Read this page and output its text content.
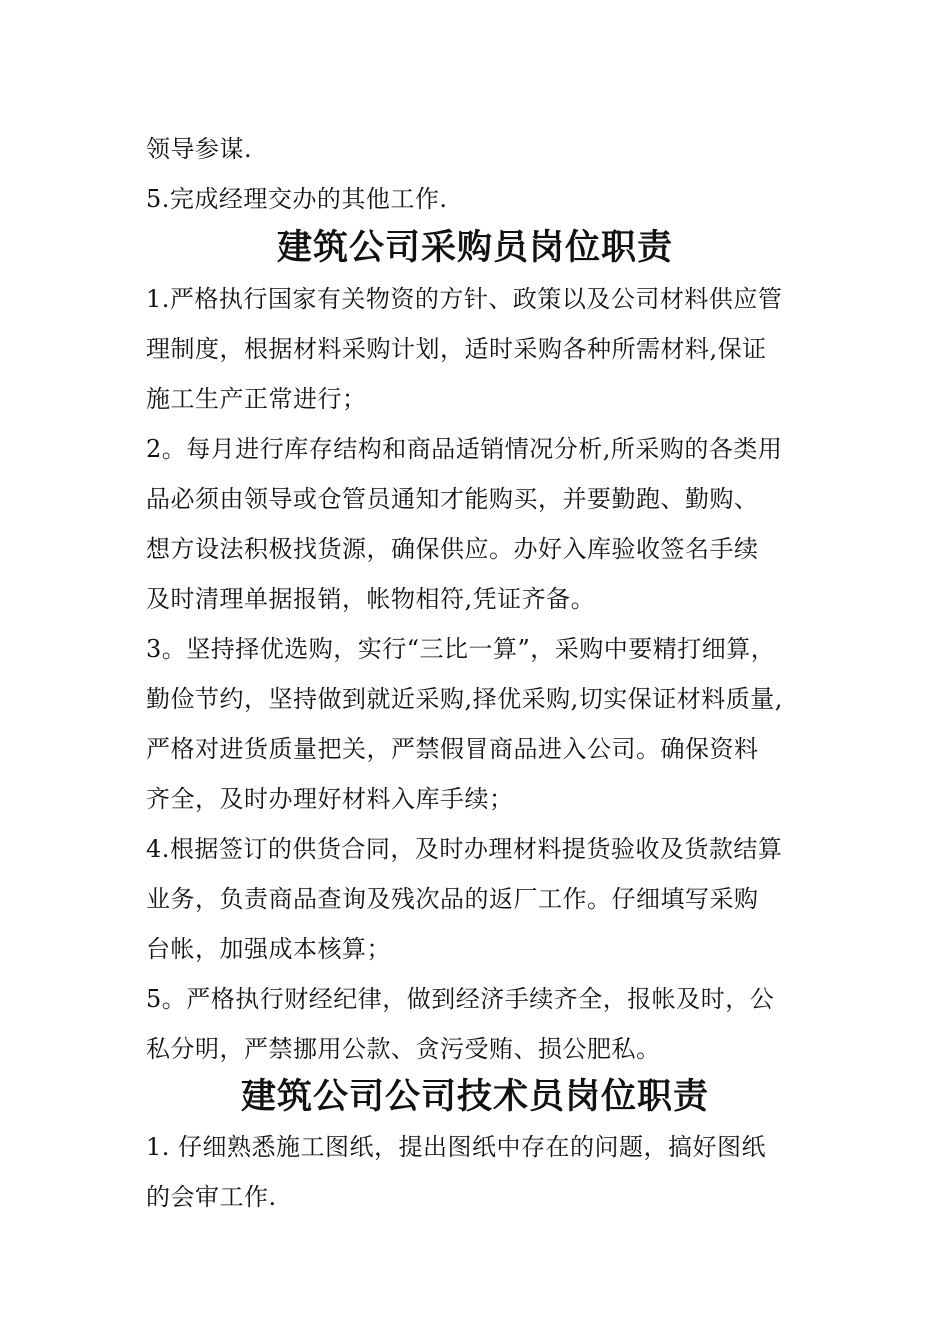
领导参谋.
5.完成经理交办的其他工作.
建筑公司采购员岗位职责
1.严格执行国家有关物资的方针、政策以及公司材料供应管
理制度，根据材料采购计划，适时采购各种所需材料,保证
施工生产正常进行；
2。每月进行库存结构和商品适销情况分析,所采购的各类用
品必须由领导或仓管员通知才能购买，并要勤跑、勤购、
想方设法积极找货源，确保供应。办好入库验收签名手续
及时清理单据报销，帐物相符,凭证齐备。
3。坚持择优选购，实行“三比一算”，采购中要精打细算，
勤俭节约，坚持做到就近采购,择优采购,切实保证材料质量,
严格对进货质量把关，严禁假冒商品进入公司。确保资料
齐全，及时办理好材料入库手续；
4.根据签订的供货合同，及时办理材料提货验收及货款结算
业务，负责商品查询及残次品的返厂工作。仔细填写采购
台帐，加强成本核算；
5。严格执行财经纪律，做到经济手续齐全，报帐及时，公
私分明，严禁挪用公款、贪污受贿、损公肥私。
建筑公司公司技术员岗位职责
1. 仔细熟悉施工图纸，提出图纸中存在的问题，搞好图纸
的会审工作.
